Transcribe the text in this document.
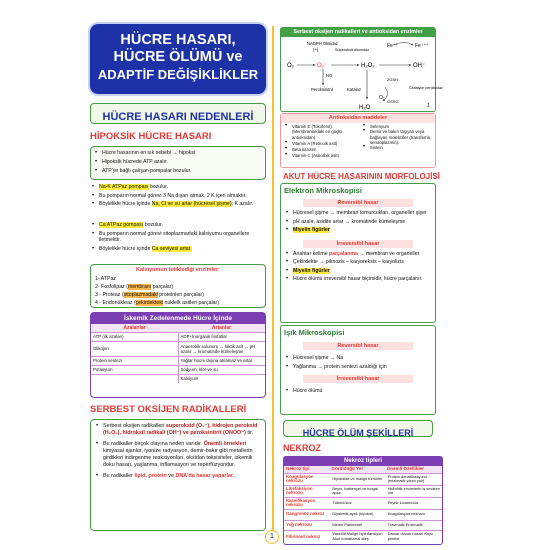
HÜCRE HASARI,
HÜCRE ÖLÜMÜ ve
ADAPTİF DEĞİŞİKLİKLER
HÜCRE HASARI NEDENLERİ
HİPOKSİK HÜCRE HASARI
• Hücre hasarının en sık sebebi → hipoksi
• Hipoksik hücrede ATP azalır.
• ATP'ye bağlı çalışan pompalar bozulur.
• Na-K ATPaz pompası bozulur.
• Bu pomparın normal görevi 3 Na dışarı atmak, 2 K içeri almaktır.
• Böylelikle hücre içinde Na, Cl ve su artar (hücresel şişme); K azalır.
• Ca ATPaz pompası bozulur.
• Bu pomparın normal görevi sitoplazmadaki kalsiyumu organellere iletmektir.
• Böylelikle hücre içinde Ca seviyesi artar.
Kalsiyumun tetiklediği enzimler:
1- ATPaz
2- Fosfolipaz (membranı parçalar)
3 - Proteaz (sitoplazmadaki proteinleri parçalar)
4 - Endonükleaz (çekirdekteki nükleik asitleri parçalar)
İskemik Zedelenmede Hücre İçinde
Azalanlar	Artanlar
ATP (ilk azalan)	ADP+İnorganik fosfatlar
Glikojen	Anaerobik solunum → laktik asit → pH azalır → kromatinde kümeleşme
Protein sentezi	Yağlar hücre dışına atılamaz ve artar.
Potasyum	Sodyum, klor ve su
	Kalsiyum
SERBEST OKSİJEN RADİKALLERİ
• Serbest oksijen radikalleri superoksid (O₂⁻), hidrojen peroksid (H₂O₂), hidroksil radikali (OH⁻) ve peroksinitrit (ONOO⁻) tir.
• Bu radikaller birçok olayına neden varıdır. Önemli örnekleri kimyasal ajanlar, iyonize radyasyon, demir-bakır gibi metallerin girdikleri indirgenme reaksiyonları, oksidan toksisiteler, iskemik doku hasarı, yaşlanma, inflamasyon ve reperfüzyondur.
• Bu radikaller lipid, protein ve DNA'da hasar yaparlar.
1
Serbest oksijen radikalleri ve antioksidan enzimler
NADPH Oksidaz
(+)	Süperoksit dismutaz
Fe⁺⁺	Fe⁺⁺⁺
O₂	O₂⁻	H₂O₂	OH⁻
NO
Peroksinitrit	Katalaz
2GSH
Glutatyon peroksidaz
GSSG
H₂O
O₂
1
Antioksidan maddeler
• Vitamin E (Tokoferol) (Membranlardaki en güçlü antioksidan)
• Vitamin A (Retinoik asit)
• Beta karoten
• Vitamin C (Askorbik asit)
• Selenyum
• Demir ve bakırı taşıyan veya bağlayan moleküller (transferrin, seruloplazmin).
• Sistein
AKUT HÜCRE HASARININ MORFOLOJİSİ
Elektron Mikroskopisi
Reversibl hasar
• Hücresel şişme → membran tomurcukları, organeller şişer
• pH azalır, asidite artar → kromatinde kümeleşme
• Miyelin figürler
İrreversibl hasar
• Anahtar kelime parçalanma → membran ve organeller
• Çekirdekte → piknozis – karyoreksis – karyolizis
• Miyelin figürler
• Hücre ölümü irreversibl hasar biçimidir, hücre parçalanır.
Işık Mikroskopisi
Reversibl hasar
• Hücresel şişme → Na
• Yağlanma → protein sentezi azaldığı için
İrreversibl hasar
• Hücre ölümü
HÜCRE ÖLÜM ŞEKİLLERİ
NEKROZ
Nekroz tipleri
Nekroz tipi	Görüldüğü Yer	Önemli Özellikler
Koagülasyon nekrozu	Hipokside ve malign tümörler	Protein denatürasyonu (enzimatik yıkım yok)
Likefaksiyon nekrozu	Beyin, bakteriyel ve fungal apse	Hidrolitik enzimlerin iş sindirim var
Kazeifikasyon nekrozu	Tüberküloz	Peynir kıvamında
Gangrenöz nekroz	Diyabetik ayak (hipoksi)	Koagülasyon nekrozu
Yağ nekrozu	Meme Pankreatit	Travmatik Enzimatik
Fibrinoid nekroz	Vaskülit Malign hipertansiyon Akut romatizmal ateş	Damar duvarı hasarı Koyu pembe
